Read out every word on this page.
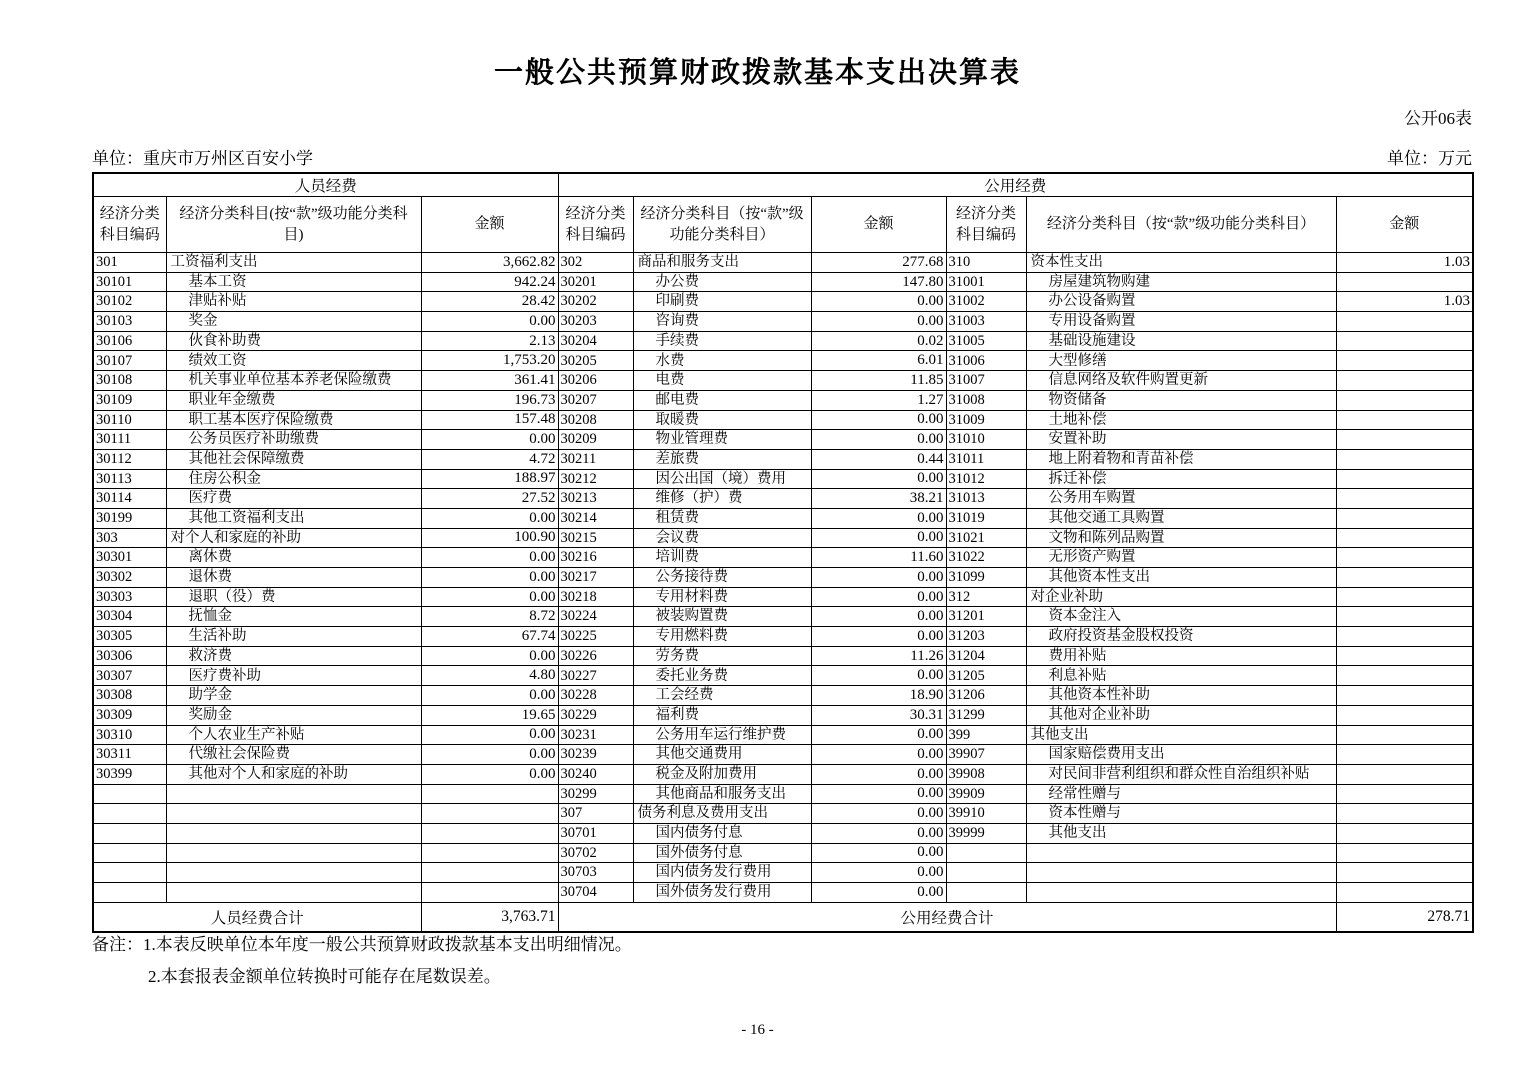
一般公共预算财政拨款基本支出决算表
公开06表
单位：重庆市万州区百安小学	单位：万元
人员经费			公用经费					
经济分类科目编码	经济分类科目(按“款”级功能分类科目)	金额	经济分类科目编码	经济分类科目（按“款”级功能分类科目）	金额	经济分类科目编码	经济分类科目（按“款”级功能分类科目）	金额
301	工资福利支出	3,662.82	302	商品和服务支出	277.68	310	资本性支出	1.03
30101	基本工资	942.24	30201	办公费	147.80	31001	房屋建筑物购建	
30102	津贴补贴	28.42	30202	印刷费	0.00	31002	办公设备购置	1.03
30103	奖金	0.00	30203	咨询费	0.00	31003	专用设备购置	
30106	伙食补助费	2.13	30204	手续费	0.02	31005	基础设施建设	
30107	绩效工资	1,753.20	30205	水费	6.01	31006	大型修缮	
30108	机关事业单位基本养老保险缴费	361.41	30206	电费	11.85	31007	信息网络及软件购置更新	
30109	职业年金缴费	196.73	30207	邮电费	1.27	31008	物资储备	
30110	职工基本医疗保险缴费	157.48	30208	取暖费	0.00	31009	土地补偿	
30111	公务员医疗补助缴费	0.00	30209	物业管理费	0.00	31010	安置补助	
30112	其他社会保障缴费	4.72	30211	差旅费	0.44	31011	地上附着物和青苗补偿	
30113	住房公积金	188.97	30212	因公出国（境）费用	0.00	31012	拆迁补偿	
30114	医疗费	27.52	30213	维修（护）费	38.21	31013	公务用车购置	
30199	其他工资福利支出	0.00	30214	租赁费	0.00	31019	其他交通工具购置	
303	对个人和家庭的补助	100.90	30215	会议费	0.00	31021	文物和陈列品购置	
30301	离休费	0.00	30216	培训费	11.60	31022	无形资产购置	
30302	退休费	0.00	30217	公务接待费	0.00	31099	其他资本性支出	
30303	退职（役）费	0.00	30218	专用材料费	0.00	312	对企业补助	
30304	抚恤金	8.72	30224	被装购置费	0.00	31201	资本金注入	
30305	生活补助	67.74	30225	专用燃料费	0.00	31203	政府投资基金股权投资	
30306	救济费	0.00	30226	劳务费	11.26	31204	费用补贴	
30307	医疗费补助	4.80	30227	委托业务费	0.00	31205	利息补贴	
30308	助学金	0.00	30228	工会经费	18.90	31206	其他资本性补助	
30309	奖励金	19.65	30229	福利费	30.31	31299	其他对企业补助	
30310	个人农业生产补贴	0.00	30231	公务用车运行维护费	0.00	399	其他支出	
30311	代缴社会保险费	0.00	30239	其他交通费用	0.00	39907	国家赔偿费用支出	
30399	其他对个人和家庭的补助	0.00	30240	税金及附加费用	0.00	39908	对民间非营利组织和群众性自治组织补贴	
			30299	其他商品和服务支出	0.00	39909	经常性赠与	
			307	债务利息及费用支出	0.00	39910	资本性赠与	
			30701	国内债务付息	0.00	39999	其他支出	
			30702	国外债务付息	0.00			
			30703	国内债务发行费用	0.00			
			30704	国外债务发行费用	0.00			
人员经费合计		3,763.71	公用经费合计					278.71
备注：1.本表反映单位本年度一般公共预算财政拨款基本支出明细情况。
2.本套报表金额单位转换时可能存在尾数误差。
- 16 -
